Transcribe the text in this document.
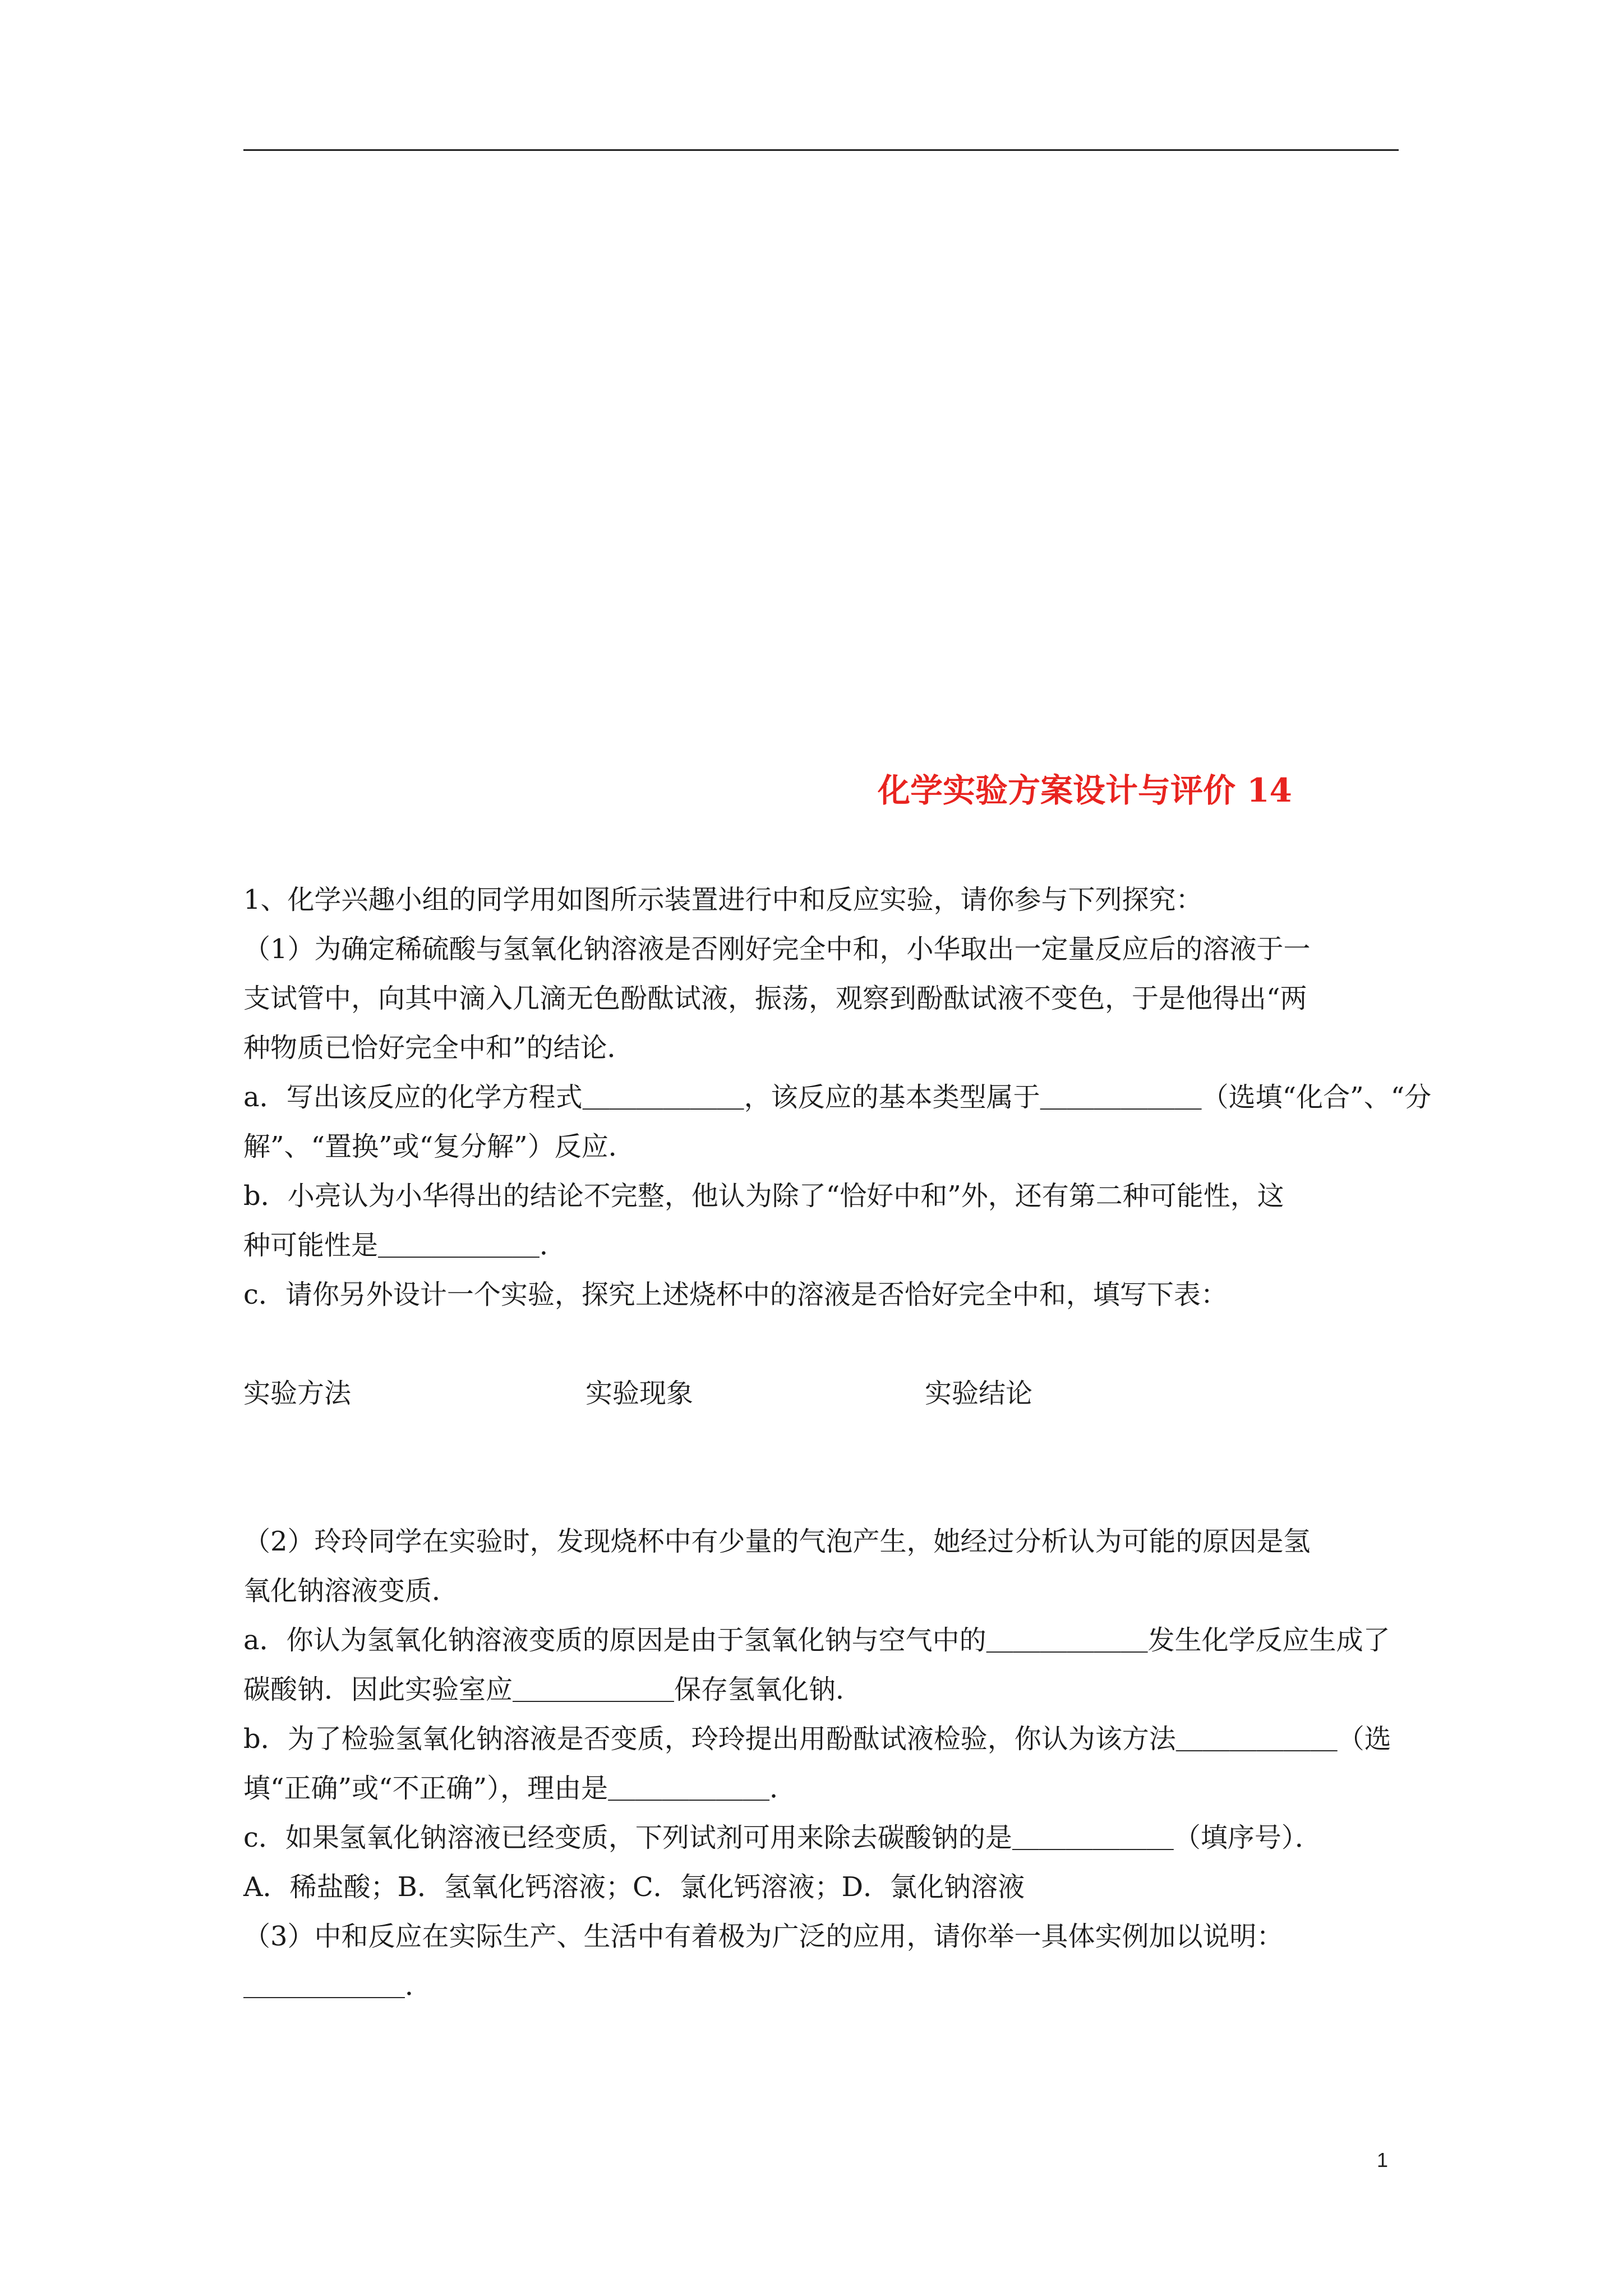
化学实验方案设计与评价 14
1、化学兴趣小组的同学用如图所示装置进行中和反应实验，请你参与下列探究：
（1）为确定稀硫酸与氢氧化钠溶液是否刚好完全中和，小华取出一定量反应后的溶液于一
支试管中，向其中滴入几滴无色酚酞试液，振荡，观察到酚酞试液不变色，于是他得出“两
种物质已恰好完全中和”的结论．
a．写出该反应的化学方程式＿＿＿＿＿＿，该反应的基本类型属于＿＿＿＿＿＿（选填“化合”、“分
解”、“置换”或“复分解”）反应．
b．小亮认为小华得出的结论不完整，他认为除了“恰好中和”外，还有第二种可能性，这
种可能性是＿＿＿＿＿＿．
c．请你另外设计一个实验，探究上述烧杯中的溶液是否恰好完全中和，填写下表：
实验方法	实验现象	实验结论
（2）玲玲同学在实验时，发现烧杯中有少量的气泡产生，她经过分析认为可能的原因是氢
氧化钠溶液变质．
a．你认为氢氧化钠溶液变质的原因是由于氢氧化钠与空气中的＿＿＿＿＿＿发生化学反应生成了
碳酸钠．因此实验室应＿＿＿＿＿＿保存氢氧化钠．
b．为了检验氢氧化钠溶液是否变质，玲玲提出用酚酞试液检验，你认为该方法＿＿＿＿＿＿（选
填“正确”或“不正确”），理由是＿＿＿＿＿＿．
c．如果氢氧化钠溶液已经变质，下列试剂可用来除去碳酸钠的是＿＿＿＿＿＿（填序号）．
A．稀盐酸；B．氢氧化钙溶液；C．氯化钙溶液；D．氯化钠溶液
（3）中和反应在实际生产、生活中有着极为广泛的应用，请你举一具体实例加以说明：
＿＿＿＿＿＿．
1
